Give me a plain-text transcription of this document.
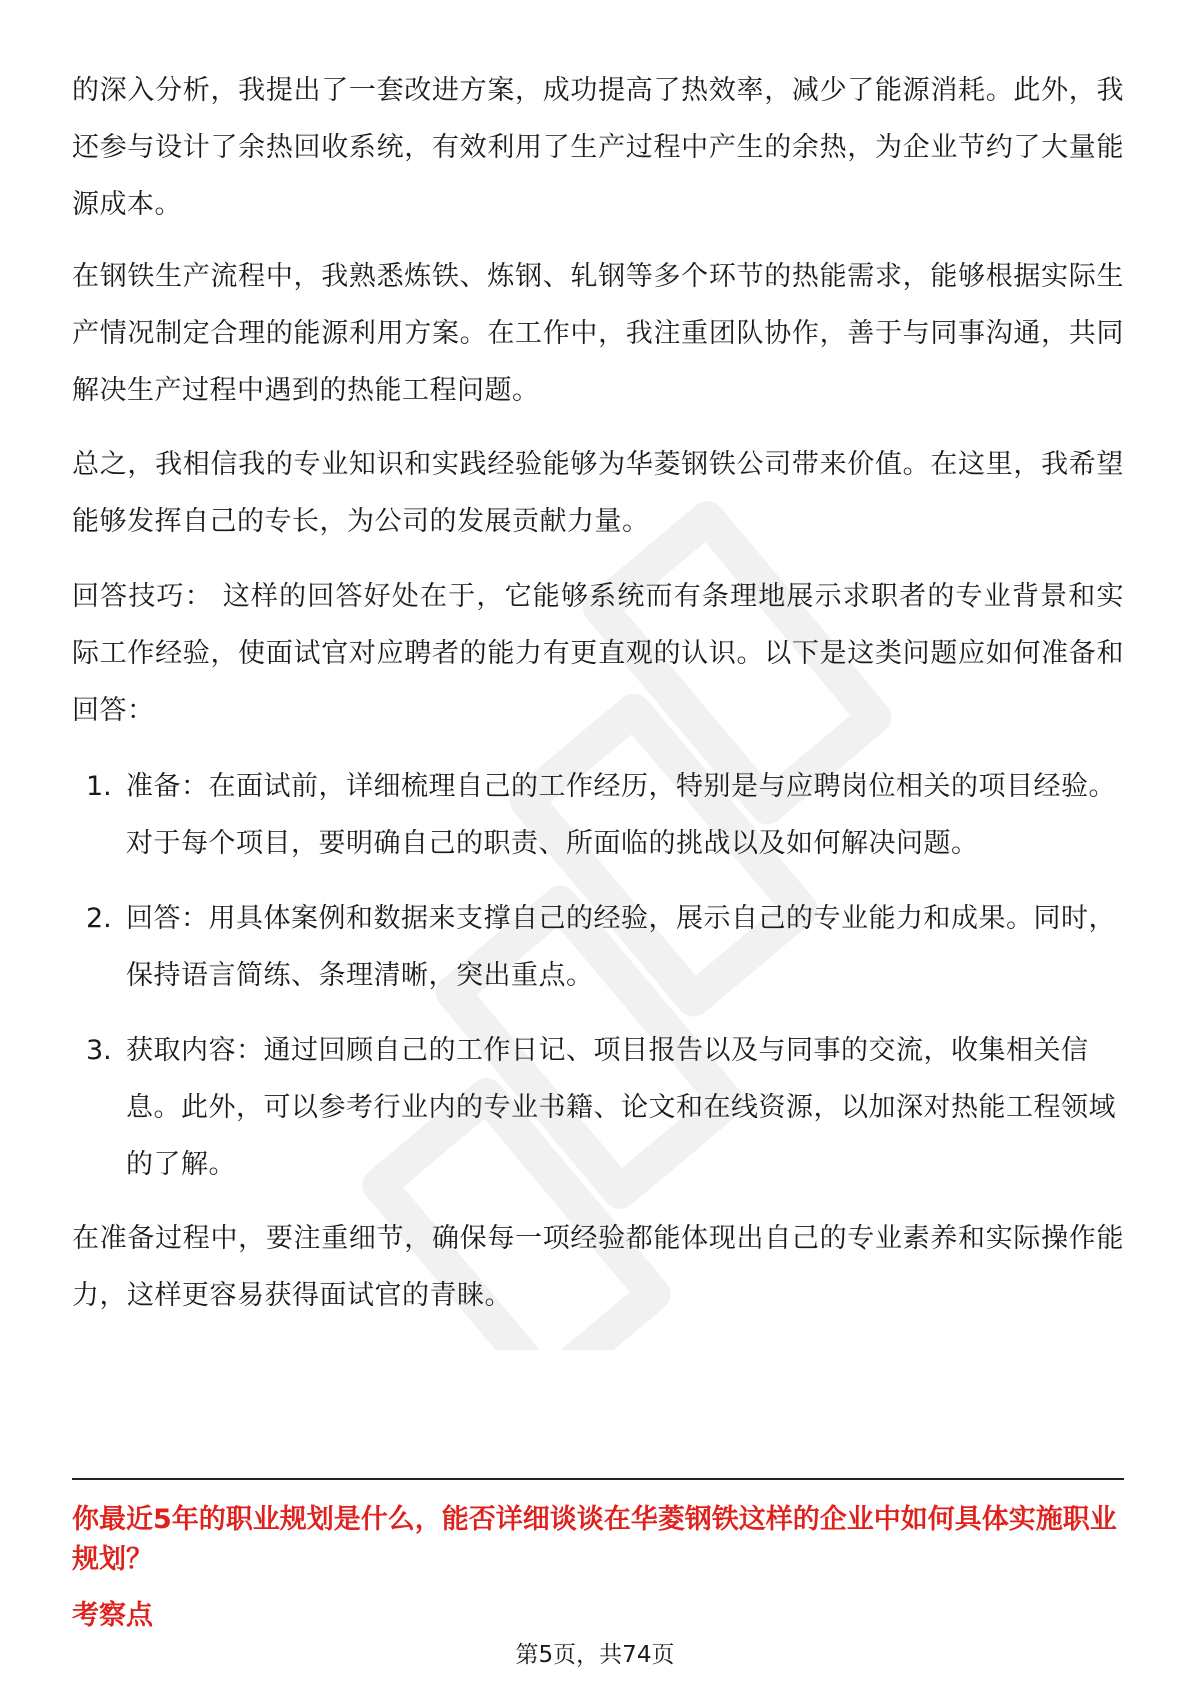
的深入分析，我提出了一套改进方案，成功提高了热效率，减少了能源消耗。此外，我还参与设计了余热回收系统，有效利用了生产过程中产生的余热，为企业节约了大量能源成本。

在钢铁生产流程中，我熟悉炼铁、炼钢、轧钢等多个环节的热能需求，能够根据实际生产情况制定合理的能源利用方案。在工作中，我注重团队协作，善于与同事沟通，共同解决生产过程中遇到的热能工程问题。

总之，我相信我的专业知识和实践经验能够为华菱钢铁公司带来价值。在这里，我希望能够发挥自己的专长，为公司的发展贡献力量。

回答技巧： 这样的回答好处在于，它能够系统而有条理地展示求职者的专业背景和实际工作经验，使面试官对应聘者的能力有更直观的认识。以下是这类问题应如何准备和回答：

1. 准备：在面试前，详细梳理自己的工作经历，特别是与应聘岗位相关的项目经验。对于每个项目，要明确自己的职责、所面临的挑战以及如何解决问题。

2. 回答：用具体案例和数据来支撑自己的经验，展示自己的专业能力和成果。同时，保持语言简练、条理清晰，突出重点。

3. 获取内容：通过回顾自己的工作日记、项目报告以及与同事的交流，收集相关信息。此外，可以参考行业内的专业书籍、论文和在线资源，以加深对热能工程领域的了解。

在准备过程中，要注重细节，确保每一项经验都能体现出自己的专业素养和实际操作能力，这样更容易获得面试官的青睐。

你最近5年的职业规划是什么，能否详细谈谈在华菱钢铁这样的企业中如何具体实施职业规划？

考察点
第5页，共74页
